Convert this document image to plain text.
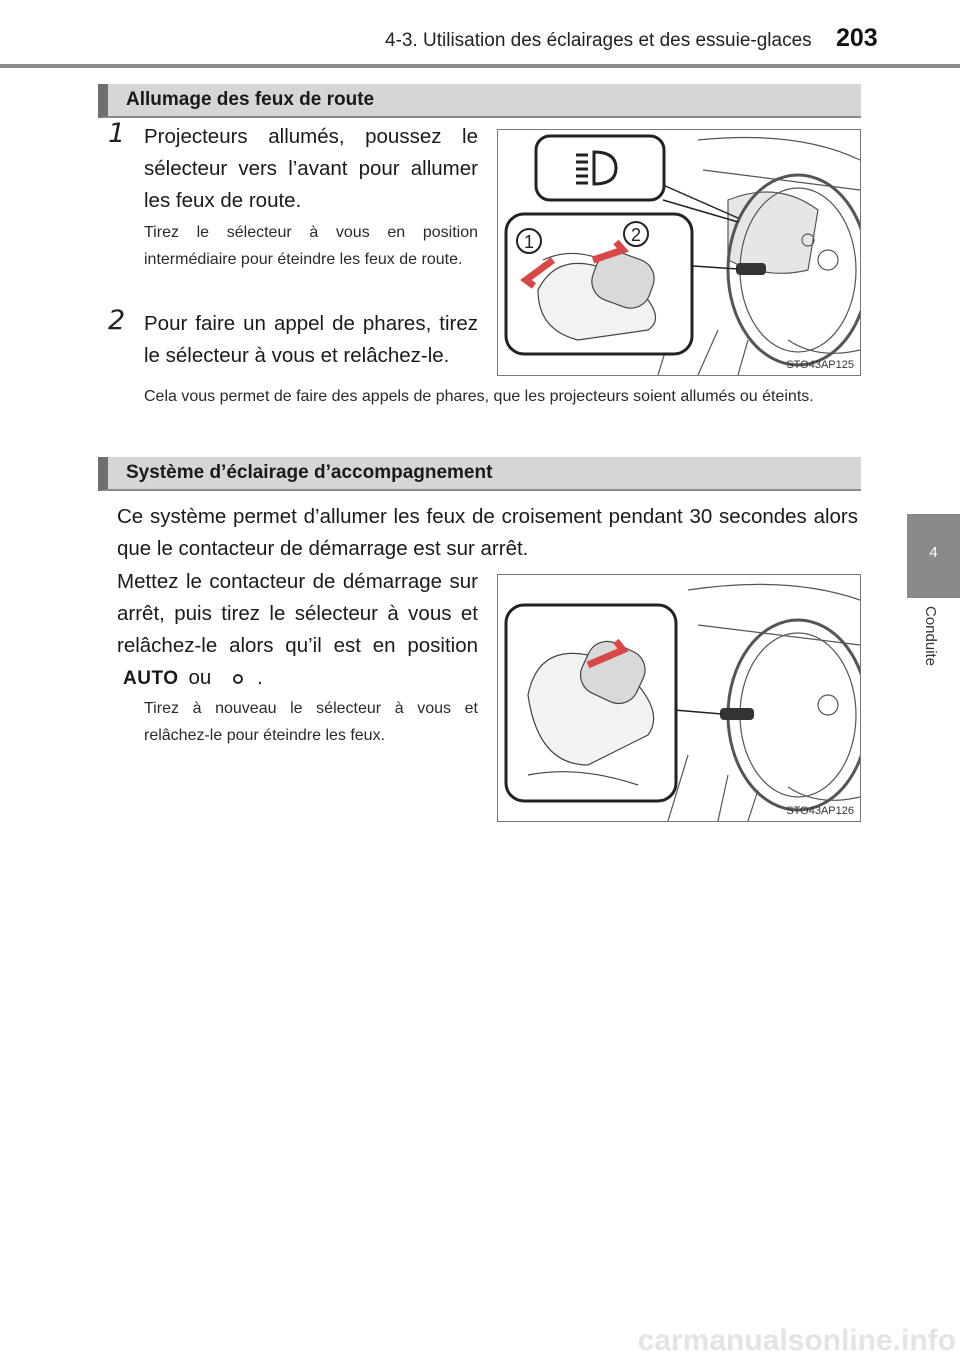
4-3. Utilisation des éclairages et des essuie-glaces 203
4
Conduite
Allumage des feux de route
1 Projecteurs allumés, poussez le sélecteur vers l’avant pour allumer les feux de route.
Tirez le sélecteur à vous en position intermédiaire pour éteindre les feux de route.
2 Pour faire un appel de phares, tirez le sélecteur à vous et relâchez-le.
Cela vous permet de faire des appels de phares, que les projecteurs soient allumés ou éteints.
1	2
STO43AP125
Système d’éclairage d’accompagnement
Ce système permet d’allumer les feux de croisement pendant 30 secondes alors que le contacteur de démarrage est sur arrêt.
Mettez le contacteur de démarrage sur arrêt, puis tirez le sélecteur à vous et relâchez-le alors qu’il est en position AUTO ou .
Tirez à nouveau le sélecteur à vous et relâchez-le pour éteindre les feux.
STO43AP126
carmanualsonline.info
